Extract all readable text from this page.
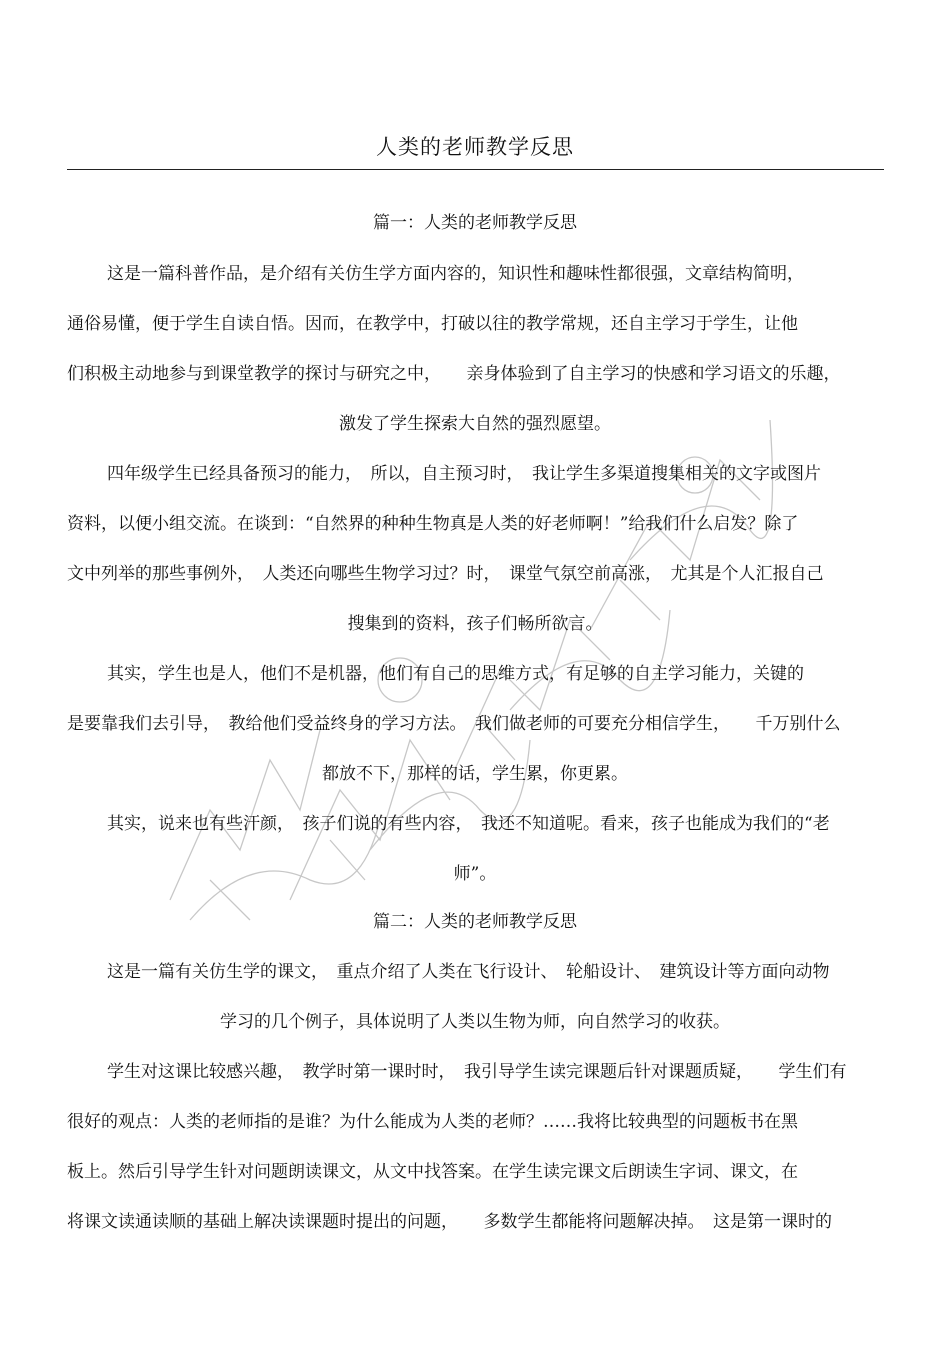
人类的老师教学反思
篇一：人类的老师教学反思
这是一篇科普作品，是介绍有关仿生学方面内容的，知识性和趣味性都很强，文章结构简明，
通俗易懂，便于学生自读自悟。因而，在教学中，打破以往的教学常规，还自主学习于学生，让他
们积极主动地参与到课堂教学的探讨与研究之中，　　亲身体验到了自主学习的快感和学习语文的乐趣，
激发了学生探索大自然的强烈愿望。
四年级学生已经具备预习的能力，　所以，自主预习时，　我让学生多渠道搜集相关的文字或图片
资料，以便小组交流。在谈到：“自然界的种种生物真是人类的好老师啊！”给我们什么启发？除了
文中列举的那些事例外，　人类还向哪些生物学习过？时，　课堂气氛空前高涨，　尤其是个人汇报自己
搜集到的资料，孩子们畅所欲言。
其实，学生也是人，他们不是机器，他们有自己的思维方式，有足够的自主学习能力，关键的
是要靠我们去引导，　教给他们受益终身的学习方法。　我们做老师的可要充分相信学生，　　千万别什么
都放不下，那样的话，学生累，你更累。
其实，说来也有些汗颜，　孩子们说的有些内容，　我还不知道呢。看来，孩子也能成为我们的“老
师”。
篇二：人类的老师教学反思
这是一篇有关仿生学的课文，　重点介绍了人类在飞行设计、　轮船设计、　建筑设计等方面向动物
学习的几个例子，具体说明了人类以生物为师，向自然学习的收获。
学生对这课比较感兴趣，　教学时第一课时时，　我引导学生读完课题后针对课题质疑，　　学生们有
很好的观点：人类的老师指的是谁？为什么能成为人类的老师？……我将比较典型的问题板书在黑
板上。然后引导学生针对问题朗读课文，从文中找答案。在学生读完课文后朗读生字词、课文，在
将课文读通读顺的基础上解决读课题时提出的问题，　　多数学生都能将问题解决掉。　这是第一课时的
